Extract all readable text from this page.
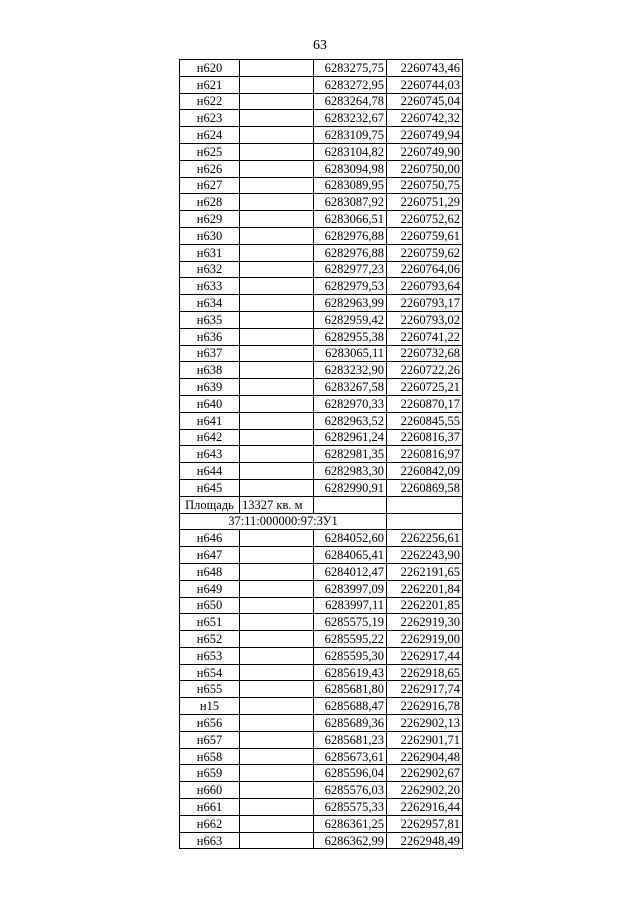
63
н620		6283275,75	2260743,46
н621		6283272,95	2260744,03
н622		6283264,78	2260745,04
н623		6283232,67	2260742,32
н624		6283109,75	2260749,94
н625		6283104,82	2260749,90
н626		6283094,98	2260750,00
н627		6283089,95	2260750,75
н628		6283087,92	2260751,29
н629		6283066,51	2260752,62
н630		6282976,88	2260759,61
н631		6282976,88	2260759,62
н632		6282977,23	2260764,06
н633		6282979,53	2260793,64
н634		6282963,99	2260793,17
н635		6282959,42	2260793,02
н636		6282955,38	2260741,22
н637		6283065,11	2260732,68
н638		6283232,90	2260722,26
н639		6283267,58	2260725,21
н640		6282970,33	2260870,17
н641		6282963,52	2260845,55
н642		6282961,24	2260816,37
н643		6282981,35	2260816,97
н644		6282983,30	2260842,09
н645		6282990,91	2260869,58
Площадь	13327 кв. м		
37:11:000000:97:ЗУ1			
н646		6284052,60	2262256,61
н647		6284065,41	2262243,90
н648		6284012,47	2262191,65
н649		6283997,09	2262201,84
н650		6283997,11	2262201,85
н651		6285575,19	2262919,30
н652		6285595,22	2262919,00
н653		6285595,30	2262917,44
н654		6285619,43	2262918,65
н655		6285681,80	2262917,74
н15		6285688,47	2262916,78
н656		6285689,36	2262902,13
н657		6285681,23	2262901,71
н658		6285673,61	2262904,48
н659		6285596,04	2262902,67
н660		6285576,03	2262902,20
н661		6285575,33	2262916,44
н662		6286361,25	2262957,81
н663		6286362,99	2262948,49
